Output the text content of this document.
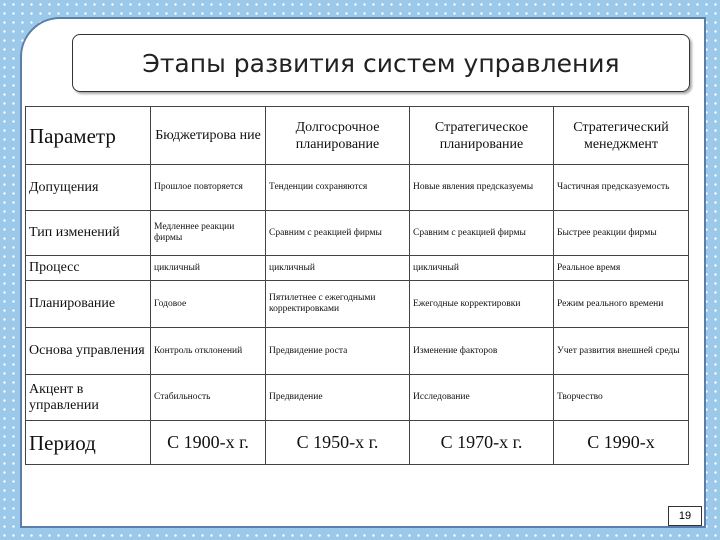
Этапы развития систем управления
Параметр	Бюджетирова ние	Долгосрочное планирование	Стратегическое планирование	Стратегический менеджмент
Допущения	Прошлое повторяется	Тенденции сохраняются	Новые явления предсказуемы	Частичная предсказуемость
Тип изменений	Медленнее реакции фирмы	Сравним с реакцией фирмы	Сравним с реакцией фирмы	Быстрее реакции фирмы
Процесс	цикличный	цикличный	цикличный	Реальное время
Планирование	Годовое	Пятилетнее с ежегодными корректировками	Ежегодные корректировки	Режим реального времени
Основа управления	Контроль отклонений	Предвидение роста	Изменение факторов	Учет развития внешней среды
Акцент в управлении	Стабильность	Предвидение	Исследование	Творчество
Период	С 1900-х г.	С 1950-х г.	С 1970-х г.	С 1990-х
19
